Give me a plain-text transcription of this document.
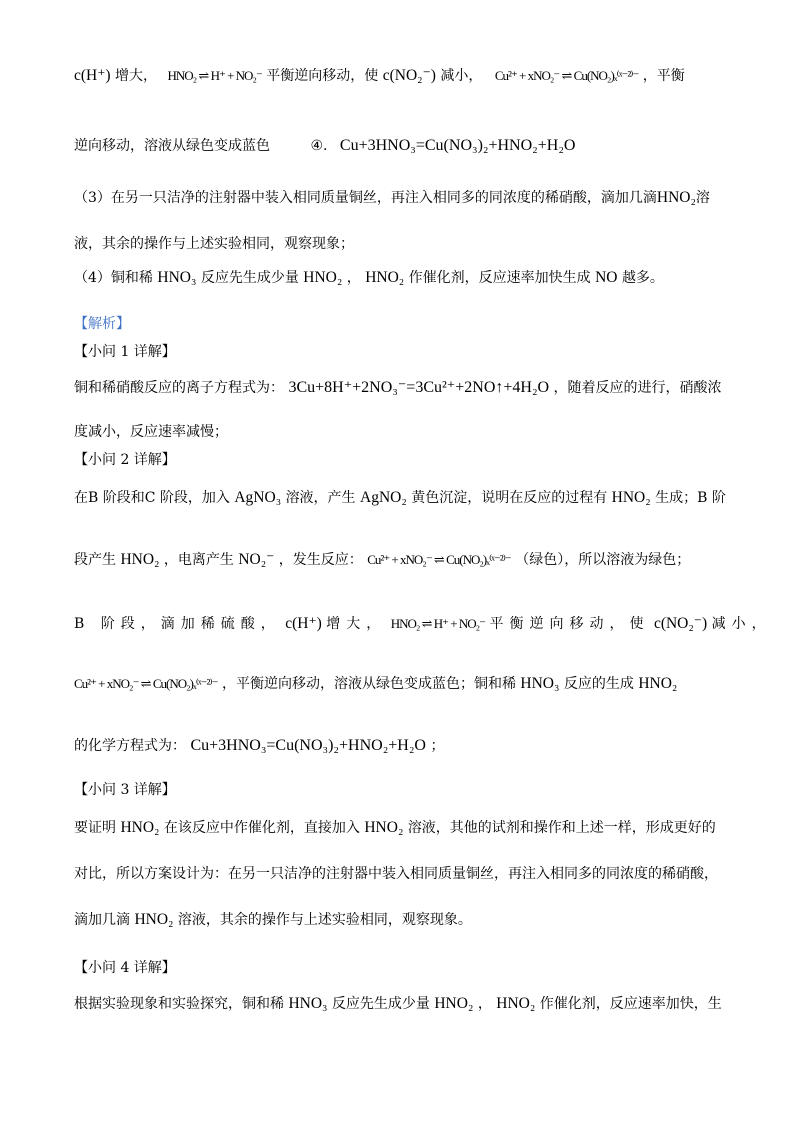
c(H⁺) 增大， HNO₂ ⇌ H⁺ + NO₂⁻ 平衡逆向移动，使 c(NO₂⁻) 减小， Cu²⁺ + xNO₂⁻ ⇌ Cu(NO₂)ₓ⁽ˣ⁻²⁾⁻ ，平衡
逆向移动，溶液从绿色变成蓝色	④. Cu+3HNO₃=Cu(NO₃)₂+HNO₂+H₂O
（3）在另一只洁净的注射器中装入相同质量铜丝，再注入相同多的同浓度的稀硝酸，滴加几滴HNO₂溶
液，其余的操作与上述实验相同，观察现象；
（4）铜和稀 HNO₃ 反应先生成少量 HNO₂ ， HNO₂ 作催化剂，反应速率加快生成 NO 越多。
【解析】
【小问 1 详解】
铜和稀硝酸反应的离子方程式为： 3Cu+8H⁺+2NO₃⁻=3Cu²⁺+2NO↑+4H₂O ，随着反应的进行，硝酸浓
度减小，反应速率减慢；
【小问 2 详解】
在B 阶段和C 阶段，加入 AgNO₃ 溶液，产生 AgNO₂ 黄色沉淀，说明在反应的过程有 HNO₂ 生成；B 阶
段产生 HNO₂ ，电离产生 NO₂⁻ ，发生反应： Cu²⁺ + xNO₂⁻ ⇌ Cu(NO₂)ₓ⁽ˣ⁻²⁾⁻ （绿色），所以溶液为绿色；
B 阶段，滴加稀硫酸， c(H⁺) 增大， HNO₂ ⇌ H⁺ + NO₂⁻ 平衡逆向移动，使 c(NO₂⁻) 减小，
Cu²⁺ + xNO₂⁻ ⇌ Cu(NO₂)ₓ⁽ˣ⁻²⁾⁻ ，平衡逆向移动，溶液从绿色变成蓝色；铜和稀 HNO₃ 反应的生成 HNO₂
的化学方程式为： Cu+3HNO₃=Cu(NO₃)₂+HNO₂+H₂O ；
【小问 3 详解】
要证明 HNO₂ 在该反应中作催化剂，直接加入 HNO₂ 溶液，其他的试剂和操作和上述一样，形成更好的
对比，所以方案设计为：在另一只洁净的注射器中装入相同质量铜丝，再注入相同多的同浓度的稀硝酸，
滴加几滴 HNO₂ 溶液，其余的操作与上述实验相同，观察现象。
【小问 4 详解】
根据实验现象和实验探究，铜和稀 HNO₃ 反应先生成少量 HNO₂ ， HNO₂ 作催化剂，反应速率加快，生
